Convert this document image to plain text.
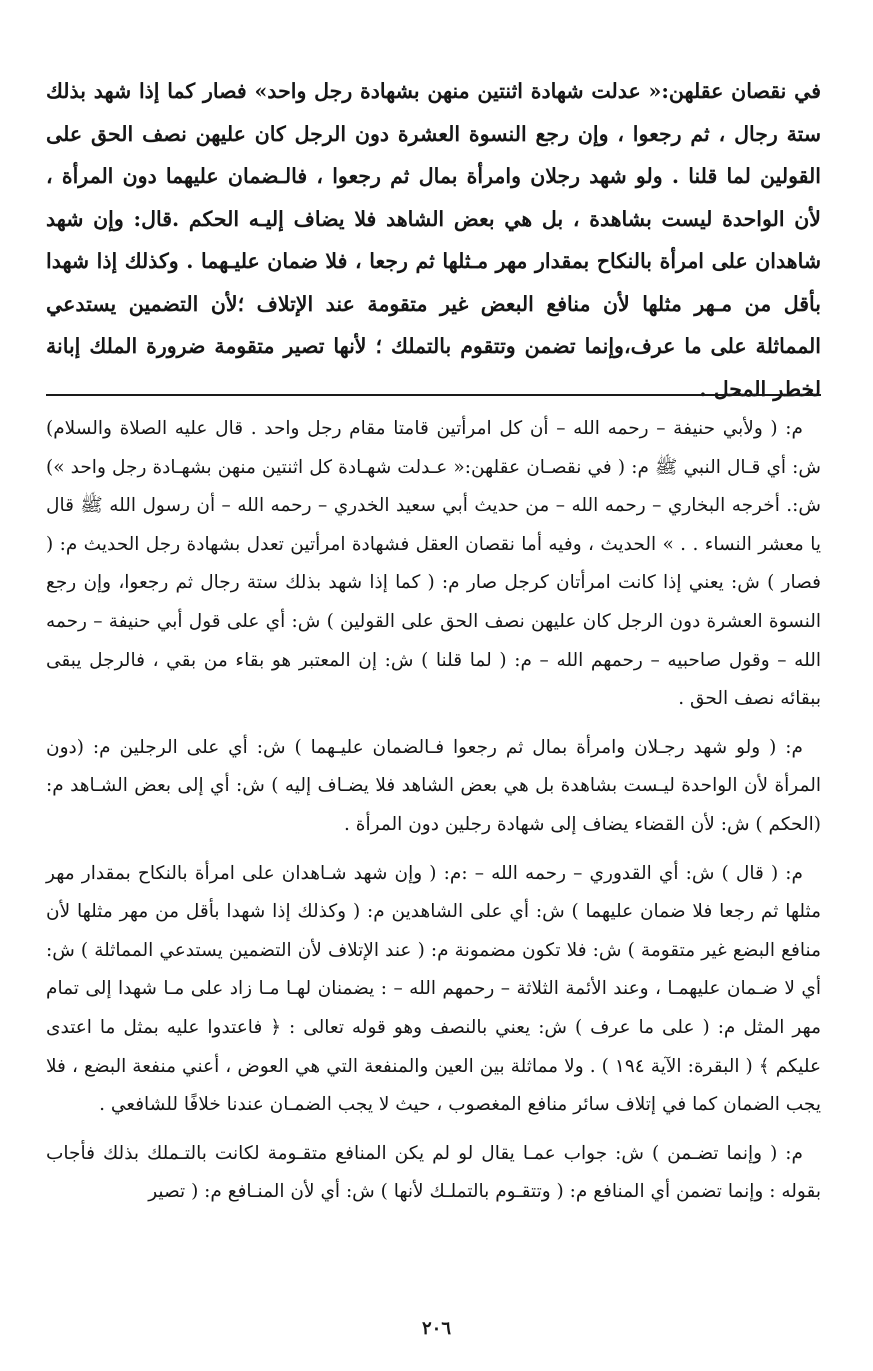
في نقصان عقلهن:« عدلت شهادة اثنتين منهن بشهادة رجل واحد» فصار كما إذا شهد بذلك ستة رجال ، ثم رجعوا ، وإن رجع النسوة العشرة دون الرجل كان عليهن نصف الحق على القولين لما قلنا . ولو شهد رجلان وامرأة بمال ثم رجعوا ، فالـضمان عليهما دون المرأة ، لأن الواحدة ليست بشاهدة ، بل هي بعض الشاهد فلا يضاف إليـه الحكم .قال: وإن شهد شاهدان على امرأة بالنكاح بمقدار مهر مـثلها ثم رجعا ، فلا ضمان عليـهما . وكذلك إذا شهدا بأقل من مـهر مثلها لأن منافع البعض غير متقومة عند الإتلاف ؛لأن التضمين يستدعي المماثلة على ما عرف،وإنما تضمن وتتقوم بالتملك ؛ لأنها تصير متقومة ضرورة الملك إبانة لخطر المحل .

م: ( ولأبي حنيفة – رحمه الله – أن كل امرأتين قامتا مقام رجل واحد . قال عليه الصلاة والسلام) ش: أي قـال النبي ﷺ م: ( في نقصـان عقلهن:« عـدلت شهـادة كل اثنتين منهن بشهـادة رجل واحد ») ش:. أخرجه البخاري – رحمه الله – من حديث أبي سعيد الخدري – رحمه الله – أن رسول الله ﷺ قال يا معشر النساء . . » الحديث ، وفيه أما نقصان العقل فشهادة امرأتين تعدل بشهادة رجل الحديث م: ( فصار ) ش: يعني إذا كانت امرأتان كرجل صار م: ( كما إذا شهد بذلك ستة رجال ثم رجعوا، وإن رجع النسوة العشرة دون الرجل كان عليهن نصف الحق على القولين ) ش: أي على قول أبي حنيفة – رحمه الله – وقول صاحبيه – رحمهم الله – م: ( لما قلنا ) ش: إن المعتبر هو بقاء من بقي ، فالرجل يبقى ببقائه نصف الحق .

م: ( ولو شهد رجـلان وامرأة بمال ثم رجعوا فـالضمان عليـهما ) ش: أي على الرجلين م: (دون المرأة لأن الواحدة ليـست بشاهدة بل هي بعض الشاهد فلا يضـاف إليه ) ش: أي إلى بعض الشـاهد م: (الحكم ) ش: لأن القضاء يضاف إلى شهادة رجلين دون المرأة .

م: ( قال ) ش: أي القدوري – رحمه الله – :م: ( وإن شهد شـاهدان على امرأة بالنكاح بمقدار مهر مثلها ثم رجعا فلا ضمان عليهما ) ش: أي على الشاهدين م: ( وكذلك إذا شهدا بأقل من مهر مثلها لأن منافع البضع غير متقومة ) ش: فلا تكون مضمونة م: ( عند الإتلاف لأن التضمين يستدعي المماثلة ) ش: أي لا ضـمان عليهمـا ، وعند الأئمة الثلاثة – رحمهم الله – : يضمنان لهـا مـا زاد على مـا شهدا إلى تمام مهر المثل م: ( على ما عرف ) ش: يعني بالنصف وهو قوله تعالى : ﴿ فاعتدوا عليه بمثل ما اعتدى عليكم ﴾ ( البقرة: الآية ١٩٤ ) . ولا مماثلة بين العين والمنفعة التي هي العوض ، أعني منفعة البضع ، فلا يجب الضمان كما في إتلاف سائر منافع المغصوب ، حيث لا يجب الضمـان عندنا خلافًا للشافعي .

م: ( وإنما تضـمن ) ش: جواب عمـا يقال لو لم يكن المنافع متقـومة لكانت بالتـملك بذلك فأجاب بقوله : وإنما تضمن أي المنافع م: ( وتتقـوم بالتملـك لأنها ) ش: أي لأن المنـافع م: ( تصير

٢٠٦
